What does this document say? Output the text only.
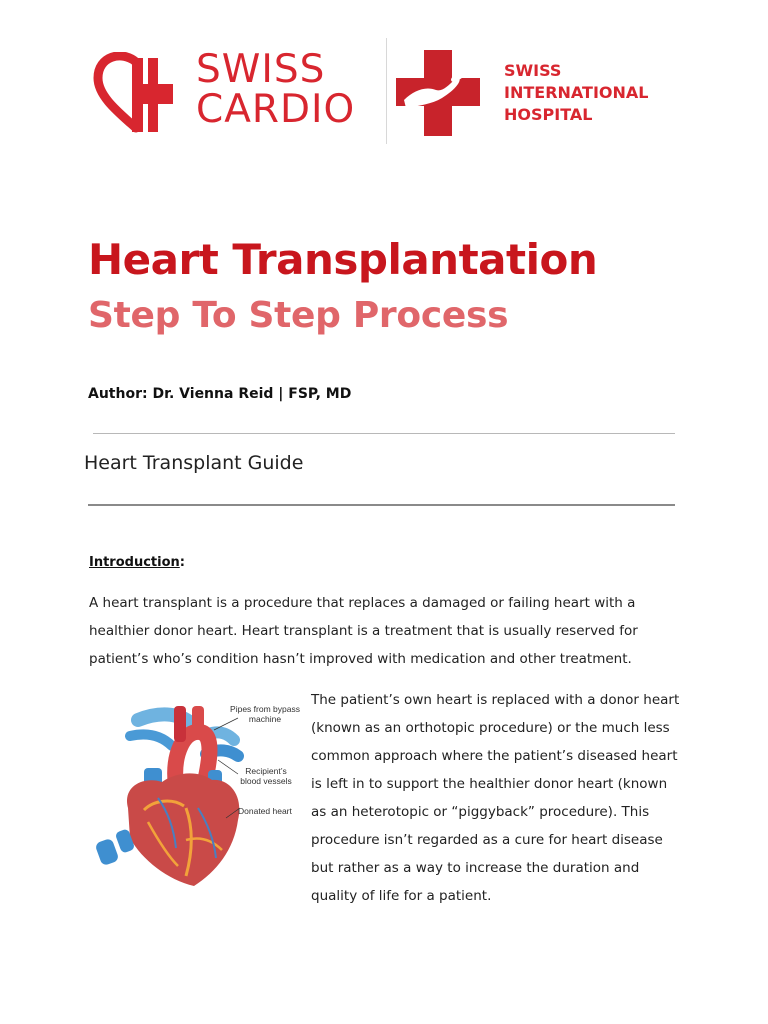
SWISS
CARDIO
SWISS
INTERNATIONAL
HOSPITAL
Heart Transplantation
Step To Step Process
Author: Dr. Vienna Reid | FSP, MD
Heart Transplant Guide
Introduction:

A heart transplant is a procedure that replaces a damaged or failing heart with a healthier donor heart. Heart transplant is a treatment that is usually reserved for patient’s who’s condition hasn’t improved with medication and other treatment.

Pipes from bypass machine
Recipient’s blood vessels
Donated heart

The patient’s own heart is replaced with a donor heart (known as an orthotopic procedure) or the much less common approach where the patient’s diseased heart is left in to support the healthier donor heart (known as an heterotopic or “piggyback” procedure). This procedure isn’t regarded as a cure for heart disease but rather as a way to increase the duration and quality of life for a patient.
